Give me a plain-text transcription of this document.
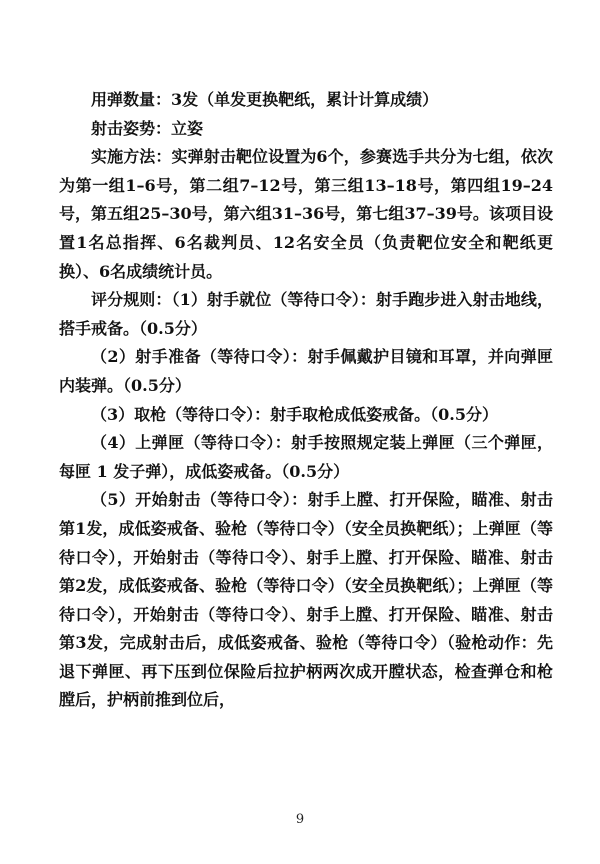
用弹数量：3发（单发更换靶纸，累计计算成绩）

射击姿势：立姿

实施方法：实弹射击靶位设置为6个，参赛选手共分为七组，依次为第一组1–6号，第二组7–12号，第三组13–18号，第四组19–24号，第五组25–30号，第六组31–36号，第七组37–39号。该项目设置1名总指挥、6名裁判员、12名安全员（负责靶位安全和靶纸更换）、6名成绩统计员。

评分规则：（1）射手就位（等待口令）：射手跑步进入射击地线，搭手戒备。（0.5分）

（2）射手准备（等待口令）：射手佩戴护目镜和耳罩，并向弹匣内装弹。（0.5分）

（3）取枪（等待口令）：射手取枪成低姿戒备。（0.5分）

（4）上弹匣（等待口令）：射手按照规定装上弹匣（三个弹匣，每匣 1 发子弹），成低姿戒备。（0.5分）

（5）开始射击（等待口令）：射手上膛、打开保险，瞄准、射击第1发，成低姿戒备、验枪（等待口令）（安全员换靶纸）；上弹匣（等待口令），开始射击（等待口令）、射手上膛、打开保险、瞄准、射击第2发，成低姿戒备、验枪（等待口令）（安全员换靶纸）；上弹匣（等待口令），开始射击（等待口令）、射手上膛、打开保险、瞄准、射击第3发，完成射击后，成低姿戒备、验枪（等待口令）（验枪动作：先退下弹匣、再下压到位保险后拉护柄两次成开膛状态，检查弹仓和枪膛后，护柄前推到位后，

9
